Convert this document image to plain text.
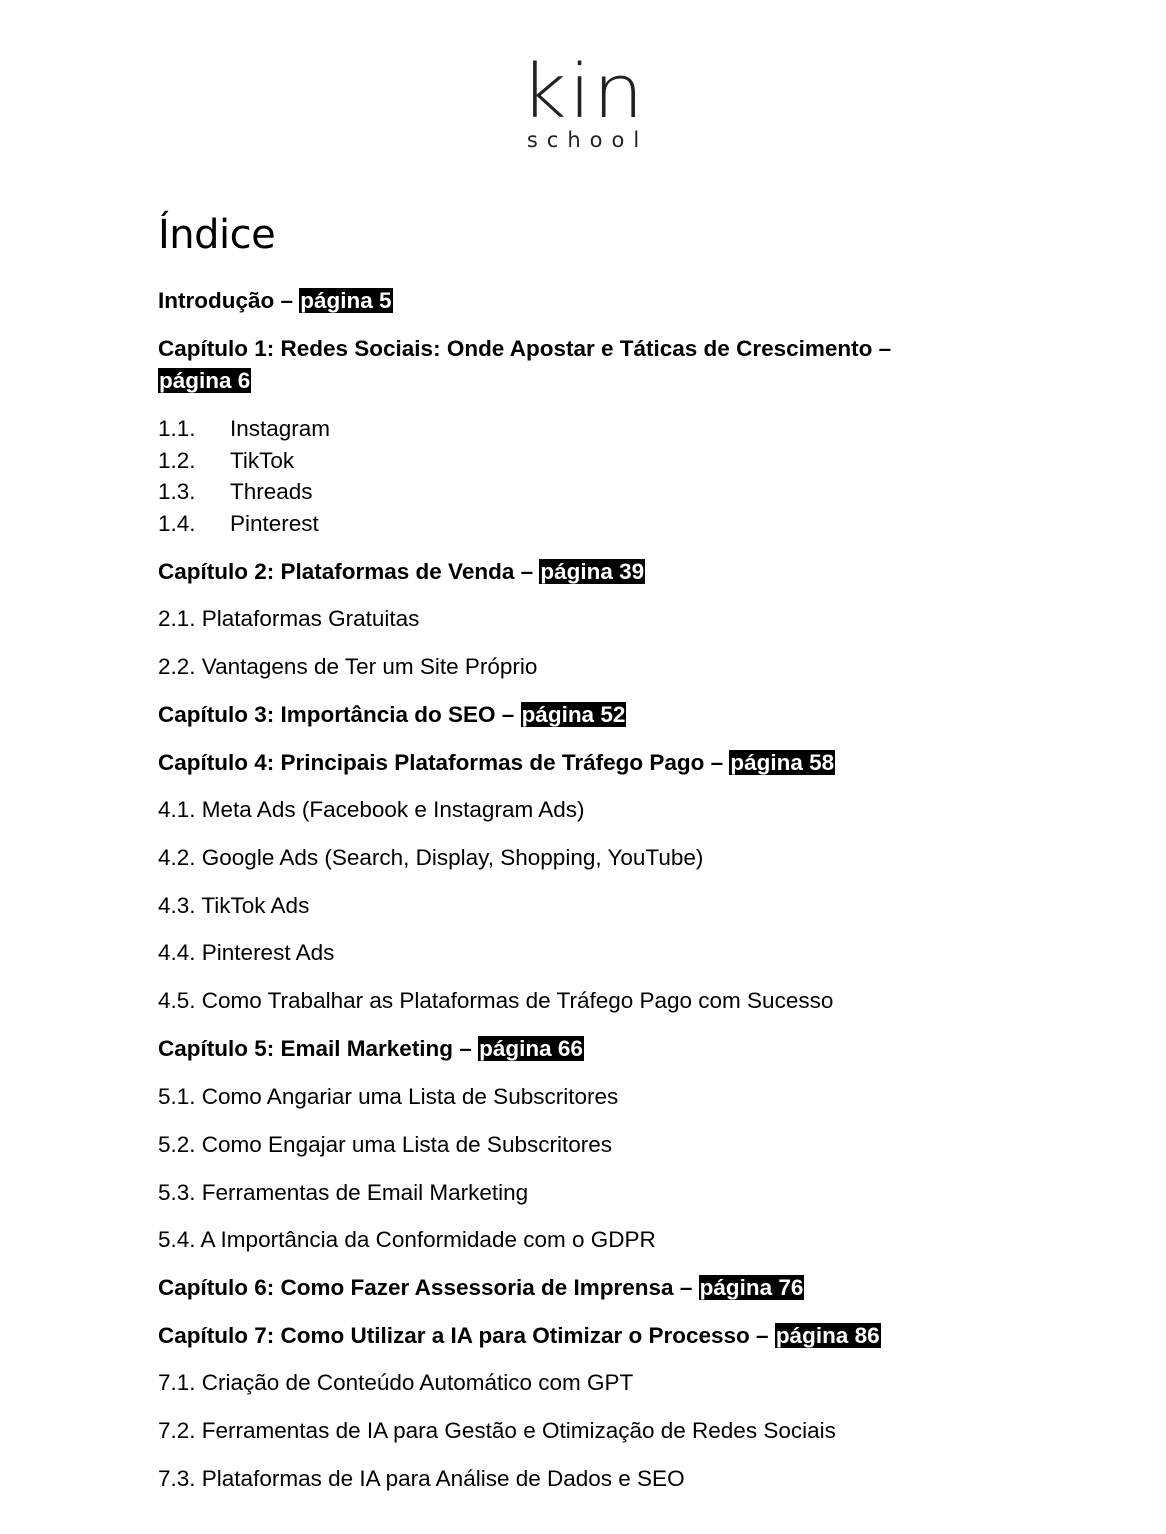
kin
school
Índice
Introdução – página 5
Capítulo 1: Redes Sociais: Onde Apostar e Táticas de Crescimento –
página 6
1.1. Instagram
1.2. TikTok
1.3. Threads
1.4. Pinterest
Capítulo 2: Plataformas de Venda – página 39
2.1. Plataformas Gratuitas
2.2. Vantagens de Ter um Site Próprio
Capítulo 3: Importância do SEO – página 52
Capítulo 4: Principais Plataformas de Tráfego Pago – página 58
4.1. Meta Ads (Facebook e Instagram Ads)
4.2. Google Ads (Search, Display, Shopping, YouTube)
4.3. TikTok Ads
4.4. Pinterest Ads
4.5. Como Trabalhar as Plataformas de Tráfego Pago com Sucesso
Capítulo 5: Email Marketing – página 66
5.1. Como Angariar uma Lista de Subscritores
5.2. Como Engajar uma Lista de Subscritores
5.3. Ferramentas de Email Marketing
5.4. A Importância da Conformidade com o GDPR
Capítulo 6: Como Fazer Assessoria de Imprensa – página 76
Capítulo 7: Como Utilizar a IA para Otimizar o Processo – página 86
7.1. Criação de Conteúdo Automático com GPT
7.2. Ferramentas de IA para Gestão e Otimização de Redes Sociais
7.3. Plataformas de IA para Análise de Dados e SEO
